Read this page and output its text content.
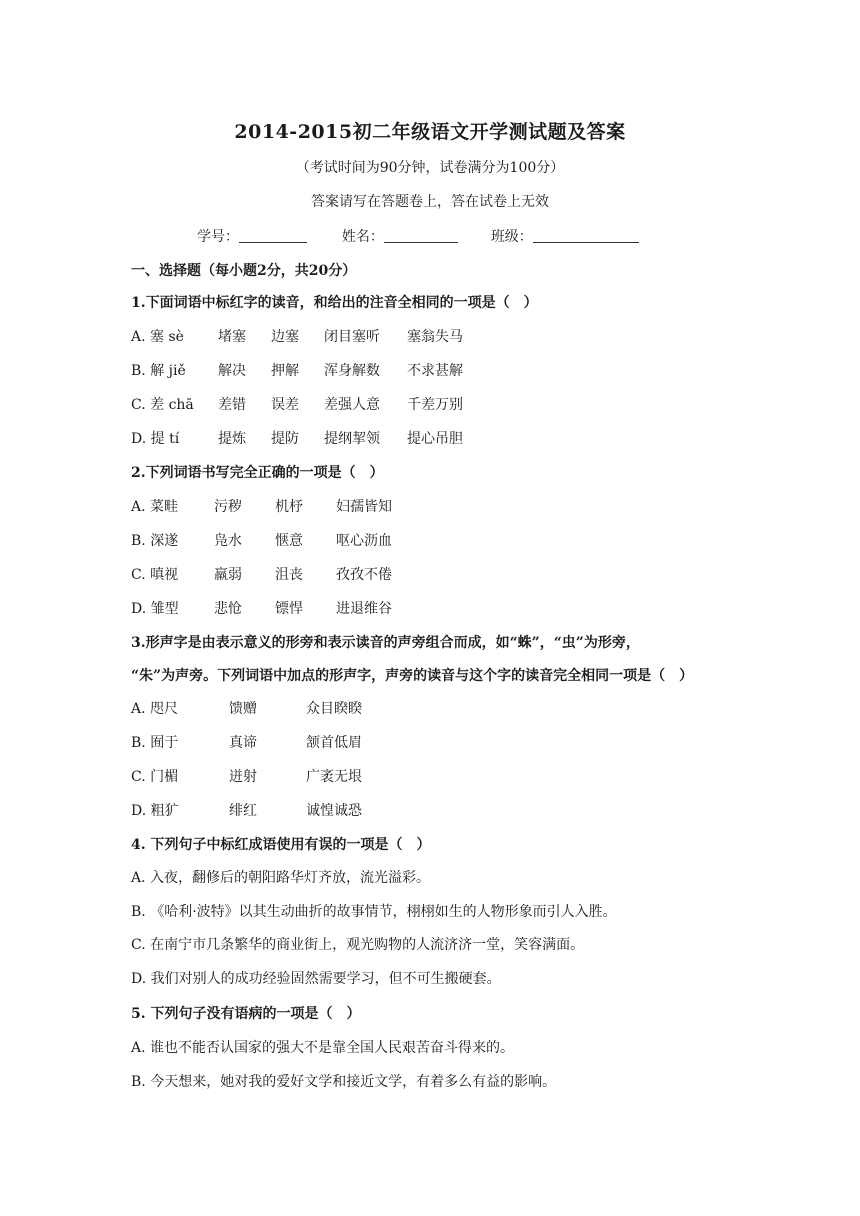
2014-2015初二年级语文开学测试题及答案
（考试时间为90分钟，试卷满分为100分）
答案请写在答题卷上，答在试卷上无效
学号：	姓名：	班级：
一、选择题（每小题2分，共20分）
1.下面词语中标红字的读音，和给出的注音全相同的一项是（　）
A. 塞 sè 堵塞 边塞 闭目塞听 塞翁失马
B. 解 jiě 解决 押解 浑身解数 不求甚解
C. 差 chā 差错 误差 差强人意 千差万别
D. 提 tí	提炼 提防 提纲挈领 提心吊胆
2.下列词语书写完全正确的一项是（　）
A. 菜畦	污秽 机杼 妇孺皆知
B. 深遂	凫水 惬意 呕心沥血
C. 嗔视	羸弱 沮丧 孜孜不倦
D. 雏型	悲怆 镖悍 进退维谷
3.形声字是由表示意义的形旁和表示读音的声旁组合而成，如“蛛”，“虫”为形旁，
“朱”为声旁。下列词语中加点的形声字，声旁的读音与这个字的读音完全相同一项是（　）
A. 咫尺	馈赠	众目睽睽
B. 囿于	真谛	颔首低眉
C. 门楣	迸射	广袤无垠
D. 粗犷	绯红	诚惶诚恐
4. 下列句子中标红成语使用有误的一项是（　）
A. 入夜，翻修后的朝阳路华灯齐放，流光溢彩。
B. 《哈利·波特》以其生动曲折的故事情节，栩栩如生的人物形象而引人入胜。
C. 在南宁市几条繁华的商业街上，观光购物的人流济济一堂，笑容满面。
D. 我们对别人的成功经验固然需要学习，但不可生搬硬套。
5. 下列句子没有语病的一项是（　）
A. 谁也不能否认国家的强大不是靠全国人民艰苦奋斗得来的。
B. 今天想来，她对我的爱好文学和接近文学，有着多么有益的影响。
